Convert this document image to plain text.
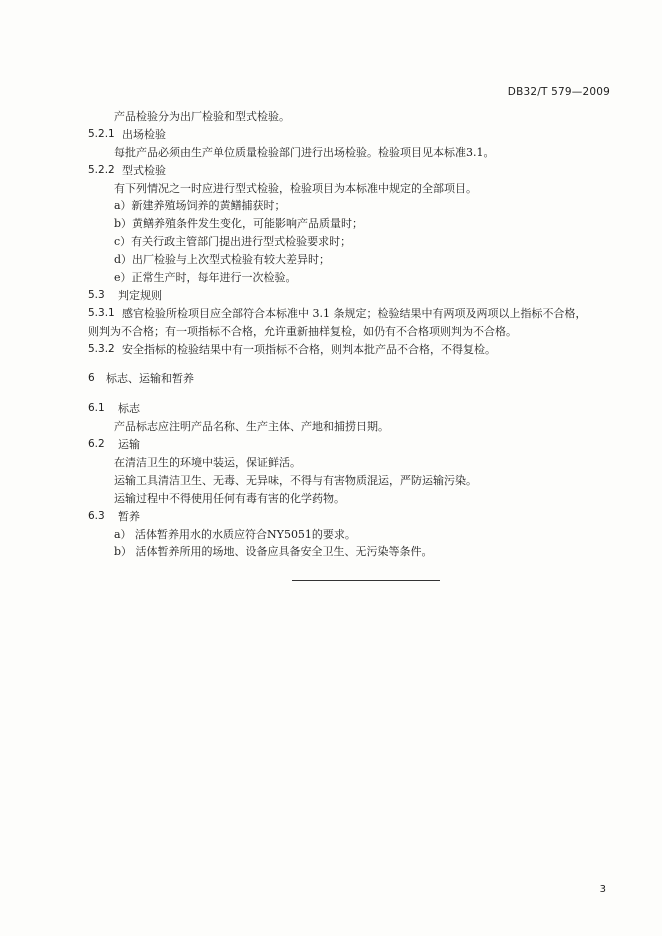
DB32/T 579—2009
产品检验分为出厂检验和型式检验。
5.2.1 出场检验
每批产品必须由生产单位质量检验部门进行出场检验。检验项目见本标准3.1。
5.2.2 型式检验
有下列情况之一时应进行型式检验，检验项目为本标准中规定的全部项目。
a）新建养殖场饲养的黄鳝捕获时；
b）黄鳝养殖条件发生变化，可能影响产品质量时；
c）有关行政主管部门提出进行型式检验要求时；
d）出厂检验与上次型式检验有较大差异时；
e）正常生产时，每年进行一次检验。
5.3	判定规则
5.3.1 感官检验所检项目应全部符合本标准中 3.1 条规定；检验结果中有两项及两项以上指标不合格，
则判为不合格；有一项指标不合格，允许重新抽样复检，如仍有不合格项则判为不合格。
5.3.2 安全指标的检验结果中有一项指标不合格，则判本批产品不合格，不得复检。
6	标志、运输和暂养
6.1	标志
产品标志应注明产品名称、生产主体、产地和捕捞日期。
6.2	运输
在清洁卫生的环境中装运，保证鲜活。
运输工具清洁卫生、无毒、无异味，不得与有害物质混运，严防运输污染。
运输过程中不得使用任何有毒有害的化学药物。
6.3	暂养
a） 活体暂养用水的水质应符合NY5051的要求。
b） 活体暂养所用的场地、设备应具备安全卫生、无污染等条件。
3
